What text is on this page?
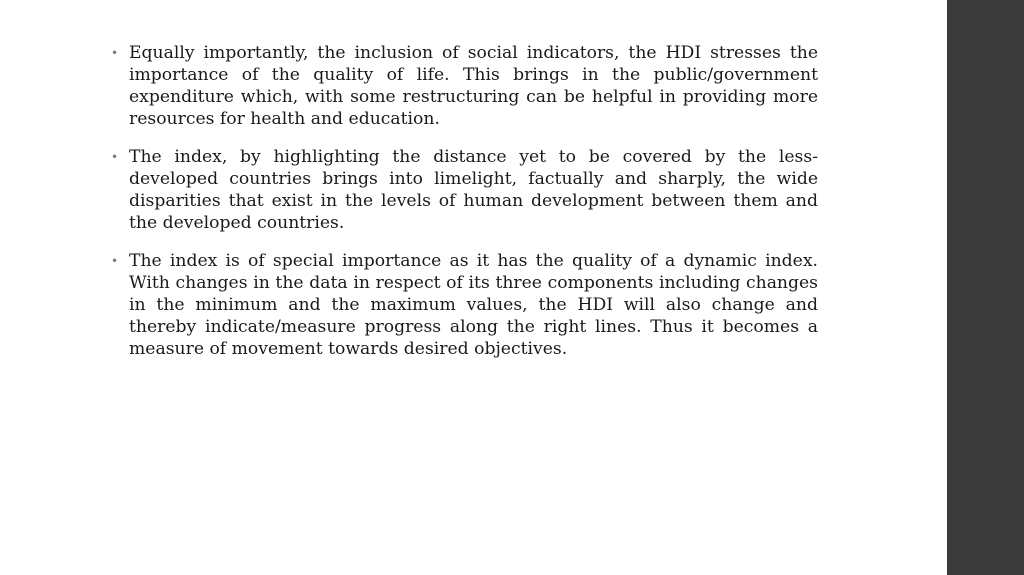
• Equally importantly, the inclusion of social indicators, the HDI stresses the importance of the quality of life. This brings in the public/government expenditure which, with some restructuring can be helpful in providing more resources for health and education.
• The index, by highlighting the distance yet to be covered by the less-developed countries brings into limelight, factually and sharply, the wide disparities that exist in the levels of human development between them and the developed countries.
• The index is of special importance as it has the quality of a dynamic index. With changes in the data in respect of its three components including changes in the minimum and the maximum values, the HDI will also change and thereby indicate/measure progress along the right lines. Thus it becomes a measure of movement towards desired objectives.
